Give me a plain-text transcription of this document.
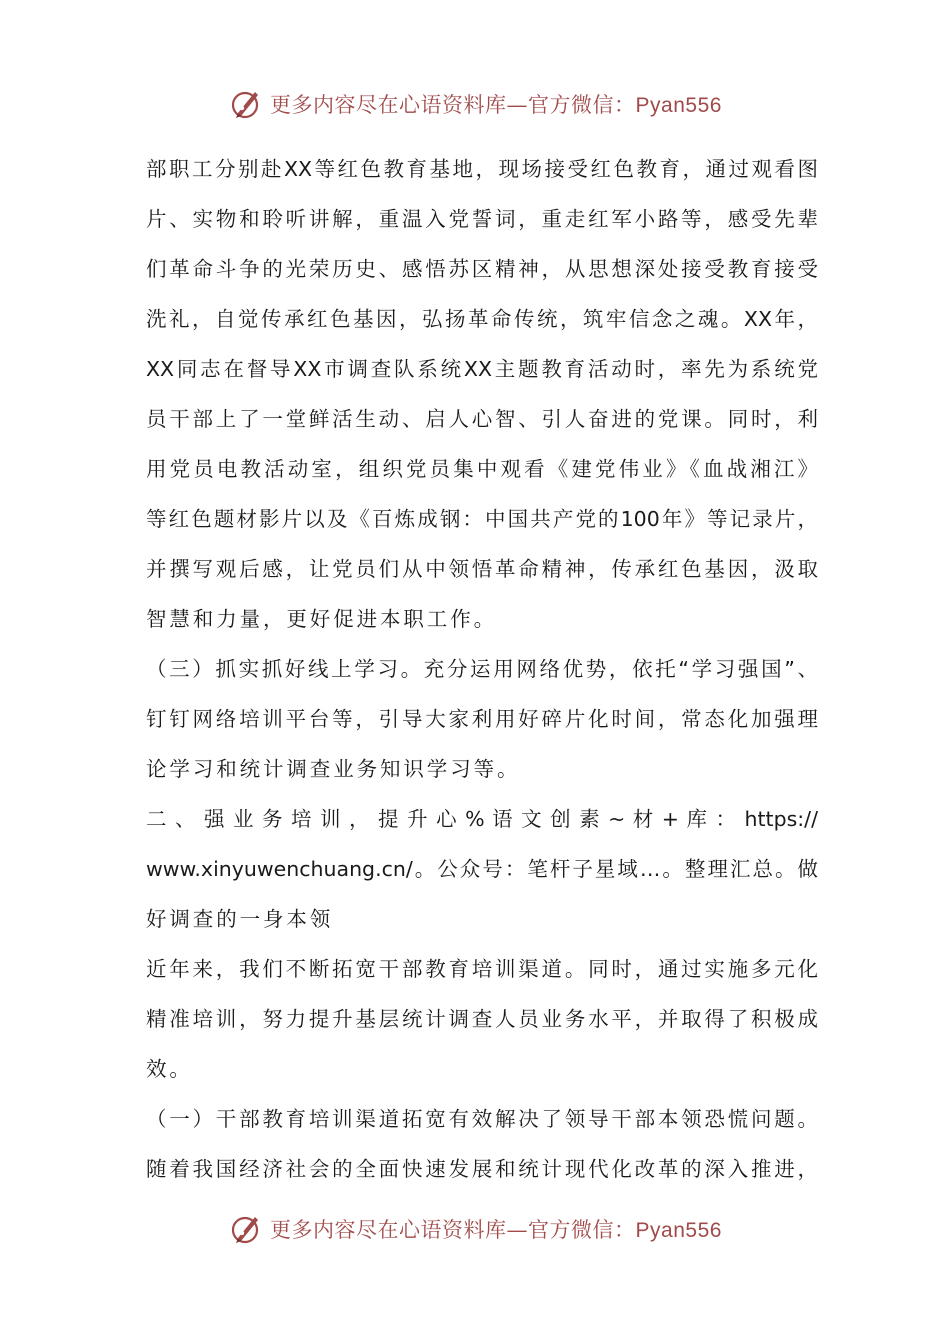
更多内容尽在心语资料库—官方微信：Pyan556
部职工分别赴XX等红色教育基地，现场接受红色教育，通过观看图
片、实物和聆听讲解，重温入党誓词，重走红军小路等，感受先辈
们革命斗争的光荣历史、感悟苏区精神，从思想深处接受教育接受
洗礼，自觉传承红色基因，弘扬革命传统，筑牢信念之魂。XX年，
XX同志在督导XX市调查队系统XX主题教育活动时，率先为系统党
员干部上了一堂鲜活生动、启人心智、引人奋进的党课。同时，利
用党员电教活动室，组织党员集中观看《建党伟业》《血战湘江》
等红色题材影片以及《百炼成钢：中国共产党的100年》等记录片，
并撰写观后感，让党员们从中领悟革命精神，传承红色基因，汲取
智慧和力量，更好促进本职工作。
（三）抓实抓好线上学习。充分运用网络优势，依托“学习强国”、
钉钉网络培训平台等，引导大家利用好碎片化时间，常态化加强理
论学习和统计调查业务知识学习等。
二 、 强 业 务 培 训 ， 提 升 心 % 语 文 创 素 ~ 材 + 库 ： https://
www.xinyuwenchuang.cn/。公众号：笔杆子星域…。整理汇总。做
好调查的一身本领
近年来，我们不断拓宽干部教育培训渠道。同时，通过实施多元化
精准培训，努力提升基层统计调查人员业务水平，并取得了积极成
效。
（一）干部教育培训渠道拓宽有效解决了领导干部本领恐慌问题。
随着我国经济社会的全面快速发展和统计现代化改革的深入推进，
更多内容尽在心语资料库—官方微信：Pyan556
